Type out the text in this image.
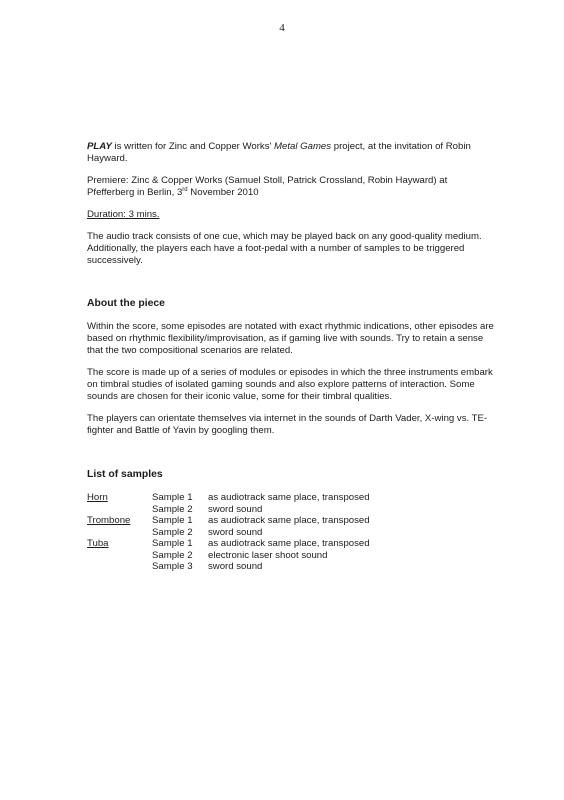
4

PLAY is written for Zinc and Copper Works' Metal Games project, at the invitation of Robin Hayward.

Premiere: Zinc & Copper Works (Samuel Stoll, Patrick Crossland, Robin Hayward) at Pfefferberg in Berlin, 3rd November 2010

Duration: 3 mins.

The audio track consists of one cue, which may be played back on any good-quality medium. Additionally, the players each have a foot-pedal with a number of samples to be triggered successively.

About the piece

Within the score, some episodes are notated with exact rhythmic indications, other episodes are based on rhythmic flexibility/improvisation, as if gaming live with sounds. Try to retain a sense that the two compositional scenarios are related.

The score is made up of a series of modules or episodes in which the three instruments embark on timbral studies of isolated gaming sounds and also explore patterns of interaction. Some sounds are chosen for their iconic value, some for their timbral qualities.

The players can orientate themselves via internet in the sounds of Darth Vader, X-wing vs. TE-fighter and Battle of Yavin by googling them.

List of samples
Horn	Sample 1	as audiotrack same place, transposed
	Sample 2	sword sound
Trombone	Sample 1	as audiotrack same place, transposed
	Sample 2	sword sound
Tuba	Sample 1	as audiotrack same place, transposed
	Sample 2	electronic laser shoot sound
	Sample 3	sword sound
